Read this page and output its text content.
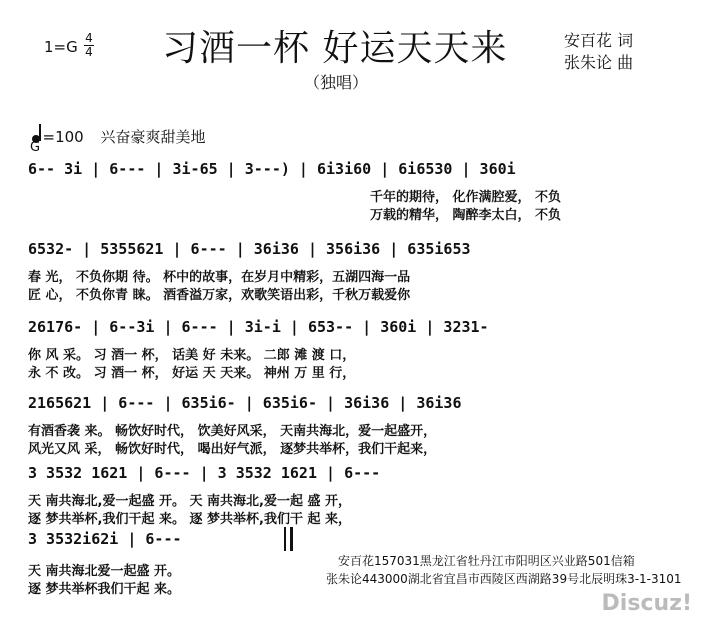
1=G 4
4 习酒一杯 好运天天来
（独唱）
安百花 词
张朱论 曲
=100 兴奋豪爽甜美地
G
6-- 3i | 6--- | 3i-65 | 3---) | 6i3i60 | 6i6530 | 360i
千年的期待， 化作满腔爱， 不负
万载的精华， 陶醉李太白， 不负
6532- | 5355621 | 6--- | 36i36 | 356i36 | 635i653
春 光， 不负你期 待。 杯中的故事，在岁月中精彩，五湖四海一品
匠 心， 不负你青 睐。 酒香溢万家，欢歌笑语出彩，千秋万载爱你
26176- | 6--3i | 6--- | 3i-i | 653-- | 360i | 3231-
你 风 采。 习 酒一 杯， 话美 好 未来。 二郎 滩 渡 口，
永 不 改。 习 酒一 杯， 好运 天 天来。 神州 万 里 行，
2165621 | 6--- | 635i6- | 635i6- | 36i36 | 36i36
有酒香袭 来。 畅饮好时代， 饮美好风采， 天南共海北，爱一起盛开，
风光又风 采， 畅饮好时代， 喝出好气派， 逐梦共举杯，我们干起来，
3 3532 1621 | 6--- | 3 3532 1621 | 6---
天 南共海北,爱一起盛 开。 天 南共海北,爱一起 盛 开，
逐 梦共举杯,我们干起 来。 逐 梦共举杯,我们干 起 来，
3 3532i62i | 6---
天 南共海北爱一起盛 开。
逐 梦共举杯我们干起 来。
安百花157031黑龙江省牡丹江市阳明区兴业路501信箱
张朱论443000湖北省宜昌市西陵区西湖路39号北辰明珠3-1-3101
Discuz!
